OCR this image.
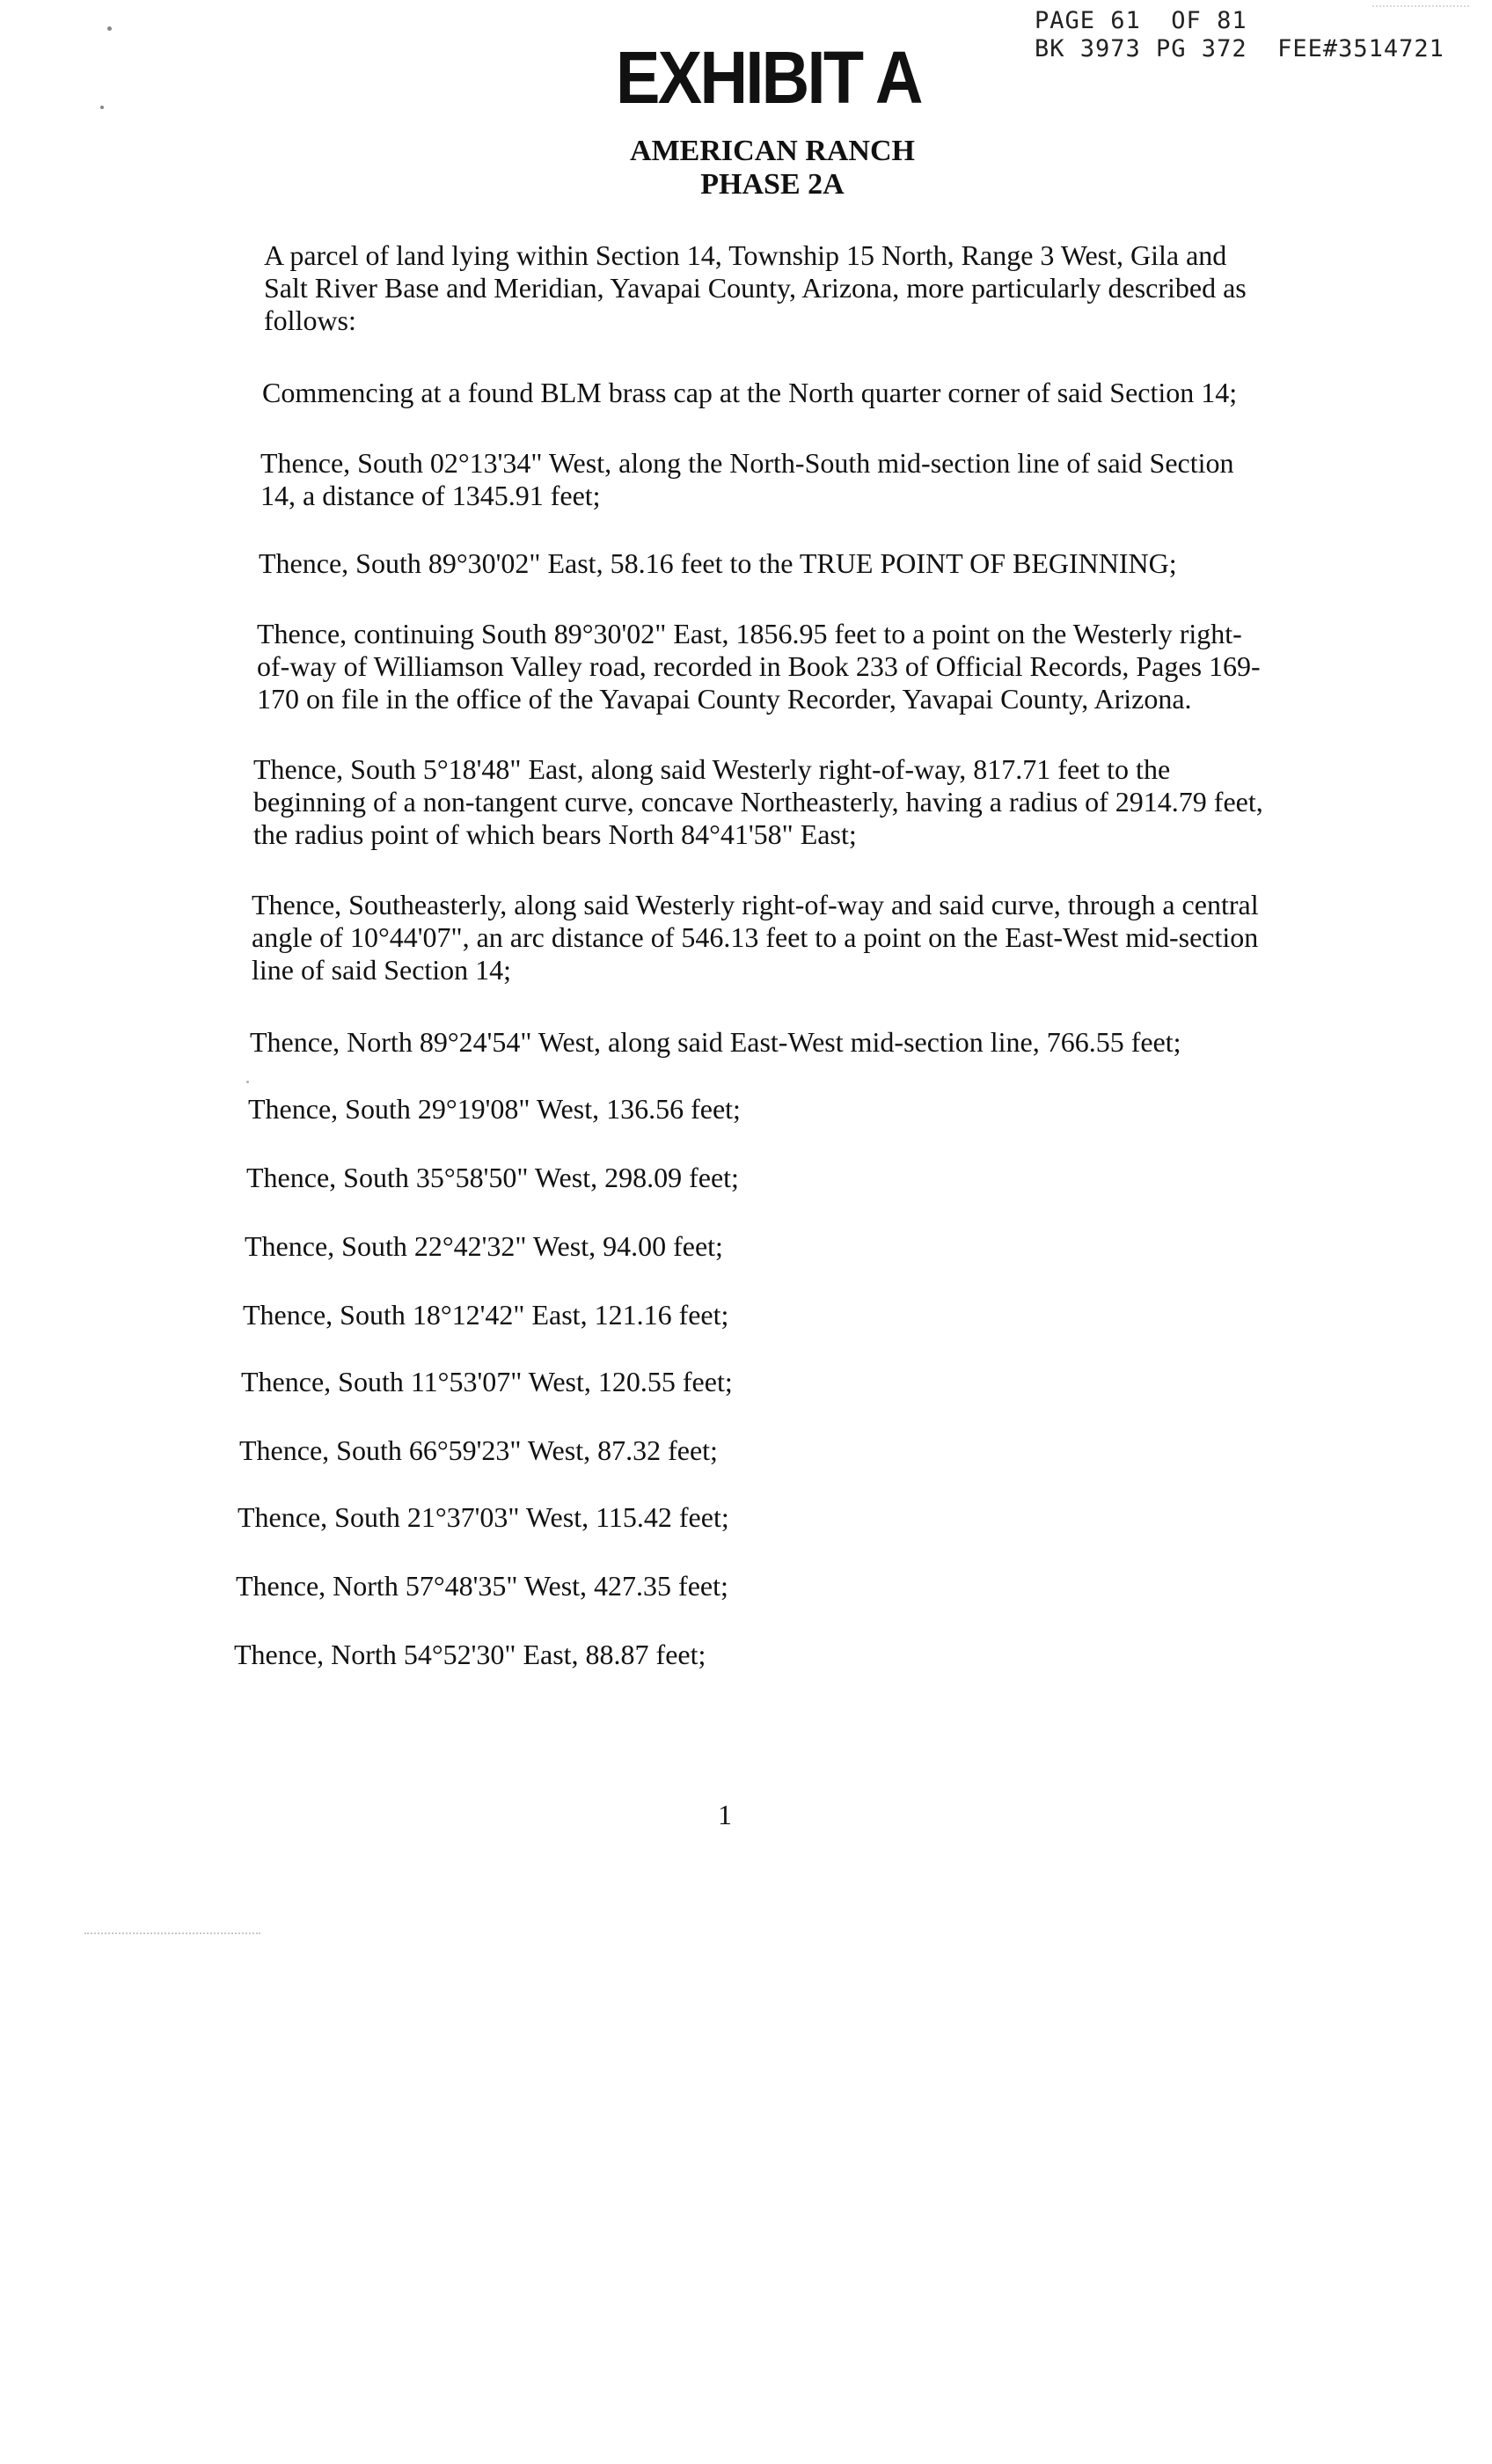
PAGE 61  OF 81
BK 3973 PG 372  FEE#3514721
EXHIBIT A
AMERICAN RANCH
PHASE 2A
A parcel of land lying within Section 14, Township 15 North, Range 3 West, Gila and
Salt River Base and Meridian, Yavapai County, Arizona, more particularly described as
follows:
Commencing at a found BLM brass cap at the North quarter corner of said Section 14;
Thence, South 02°13'34" West, along the North-South mid-section line of said Section
14, a distance of 1345.91 feet;
Thence, South 89°30'02" East, 58.16 feet to the TRUE POINT OF BEGINNING;
Thence, continuing South 89°30'02" East, 1856.95 feet to a point on the Westerly right-
of-way of Williamson Valley road, recorded in Book 233 of Official Records, Pages 169-
170 on file in the office of the Yavapai County Recorder, Yavapai County, Arizona.
Thence, South 5°18'48" East, along said Westerly right-of-way, 817.71 feet to the
beginning of a non-tangent curve, concave Northeasterly, having a radius of 2914.79 feet,
the radius point of which bears North 84°41'58" East;
Thence, Southeasterly, along said Westerly right-of-way and said curve, through a central
angle of 10°44'07", an arc distance of 546.13 feet to a point on the East-West mid-section
line of said Section 14;
Thence, North 89°24'54" West, along said East-West mid-section line, 766.55 feet;
Thence, South 29°19'08" West, 136.56 feet;
Thence, South 35°58'50" West, 298.09 feet;
Thence, South 22°42'32" West, 94.00 feet;
Thence, South 18°12'42" East, 121.16 feet;
Thence, South 11°53'07" West, 120.55 feet;
Thence, South 66°59'23" West, 87.32 feet;
Thence, South 21°37'03" West, 115.42 feet;
Thence, North 57°48'35" West, 427.35 feet;
Thence, North 54°52'30" East, 88.87 feet;
1
